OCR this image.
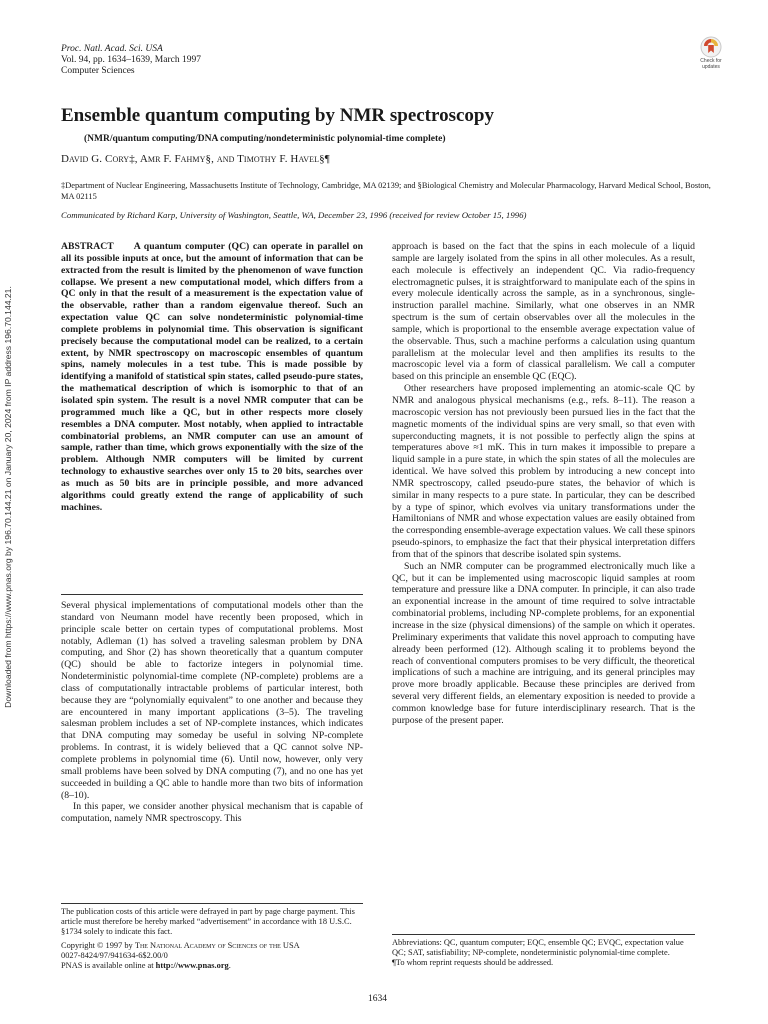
Proc. Natl. Acad. Sci. USA
Vol. 94, pp. 1634–1639, March 1997
Computer Sciences
Check for
updates
Ensemble quantum computing by NMR spectroscopy
(NMR/quantum computing/DNA computing/nondeterministic polynomial-time complete)
David G. Cory‡, Amr F. Fahmy§, and Timothy F. Havel§¶
‡Department of Nuclear Engineering, Massachusetts Institute of Technology, Cambridge, MA 02139; and §Biological Chemistry and Molecular Pharmacology, Harvard Medical School, Boston, MA 02115
Communicated by Richard Karp, University of Washington, Seattle, WA, December 23, 1996 (received for review October 15, 1996)

ABSTRACT A quantum computer (QC) can operate in parallel on all its possible inputs at once, but the amount of information that can be extracted from the result is limited by the phenomenon of wave function collapse. We present a new computational model, which differs from a QC only in that the result of a measurement is the expectation value of the observable, rather than a random eigenvalue thereof. Such an expectation value QC can solve nondeterministic polynomial-time complete problems in polynomial time. This observation is significant precisely because the computational model can be realized, to a certain extent, by NMR spectroscopy on macroscopic ensembles of quantum spins, namely molecules in a test tube. This is made possible by identifying a manifold of statistical spin states, called pseudo-pure states, the mathematical description of which is isomorphic to that of an isolated spin system. The result is a novel NMR computer that can be programmed much like a QC, but in other respects more closely resembles a DNA computer. Most notably, when applied to intractable combinatorial problems, an NMR computer can use an amount of sample, rather than time, which grows exponentially with the size of the problem. Although NMR computers will be limited by current technology to exhaustive searches over only 15 to 20 bits, searches over as much as 50 bits are in principle possible, and more advanced algorithms could greatly extend the range of applicability of such machines.

Several physical implementations of computational models other than the standard von Neumann model have recently been proposed, which in principle scale better on certain types of computational problems. Most notably, Adleman (1) has solved a traveling salesman problem by DNA computing, and Shor (2) has shown theoretically that a quantum computer (QC) should be able to factorize integers in polynomial time. Nondeterministic polynomial-time complete (NP-complete) problems are a class of computationally intractable problems of particular interest, both because they are “polynomially equivalent” to one another and because they are encountered in many important applications (3–5). The traveling salesman problem includes a set of NP-complete instances, which indicates that DNA computing may someday be useful in solving NP-complete problems. In contrast, it is widely believed that a QC cannot solve NP-complete problems in polynomial time (6). Until now, however, only very small problems have been solved by DNA computing (7), and no one has yet succeeded in building a QC able to handle more than two bits of information (8–10).

In this paper, we consider another physical mechanism that is capable of computation, namely NMR spectroscopy. This

approach is based on the fact that the spins in each molecule of a liquid sample are largely isolated from the spins in all other molecules. As a result, each molecule is effectively an independent QC. Via radio-frequency electromagnetic pulses, it is straightforward to manipulate each of the spins in every molecule identically across the sample, as in a synchronous, single-instruction parallel machine. Similarly, what one observes in an NMR spectrum is the sum of certain observables over all the molecules in the sample, which is proportional to the ensemble average expectation value of the observable. Thus, such a machine performs a calculation using quantum parallelism at the molecular level and then amplifies its results to the macroscopic level via a form of classical parallelism. We call a computer based on this principle an ensemble QC (EQC).

Other researchers have proposed implementing an atomic-scale QC by NMR and analogous physical mechanisms (e.g., refs. 8–11). The reason a macroscopic version has not previously been pursued lies in the fact that the magnetic moments of the individual spins are very small, so that even with superconducting magnets, it is not possible to perfectly align the spins at temperatures above ≈1 mK. This in turn makes it impossible to prepare a liquid sample in a pure state, in which the spin states of all the molecules are identical. We have solved this problem by introducing a new concept into NMR spectroscopy, called pseudo-pure states, the behavior of which is similar in many respects to a pure state. In particular, they can be described by a type of spinor, which evolves via unitary transformations under the Hamiltonians of NMR and whose expectation values are easily obtained from the corresponding ensemble-average expectation values. We call these spinors pseudo-spinors, to emphasize the fact that their physical interpretation differs from that of the spinors that describe isolated spin systems.

Such an NMR computer can be programmed electronically much like a QC, but it can be implemented using macroscopic liquid samples at room temperature and pressure like a DNA computer. In principle, it can also trade an exponential increase in the amount of time required to solve intractable combinatorial problems, including NP-complete problems, for an exponential increase in the size (physical dimensions) of the sample on which it operates. Preliminary experiments that validate this novel approach to computing have already been performed (12). Although scaling it to problems beyond the reach of conventional computers promises to be very difficult, the theoretical implications of such a machine are intriguing, and its general principles may prove more broadly applicable. Because these principles are derived from several very different fields, an elementary exposition is needed to provide a common knowledge base for future interdisciplinary research. That is the purpose of the present paper.

The publication costs of this article were defrayed in part by page charge payment. This article must therefore be hereby marked “advertisement” in accordance with 18 U.S.C. §1734 solely to indicate this fact.

Copyright © 1997 by The National Academy of Sciences of the USA
0027-8424/97/941634-6$2.00/0
PNAS is available online at http://www.pnas.org.

Abbreviations: QC, quantum computer; EQC, ensemble QC; EVQC, expectation value QC; SAT, satisfiability; NP-complete, nondeterministic polynomial-time complete.

¶To whom reprint requests should be addressed.

1634
Downloaded from https://www.pnas.org by 196.70.144.21 on January 20, 2024 from IP address 196.70.144.21.
